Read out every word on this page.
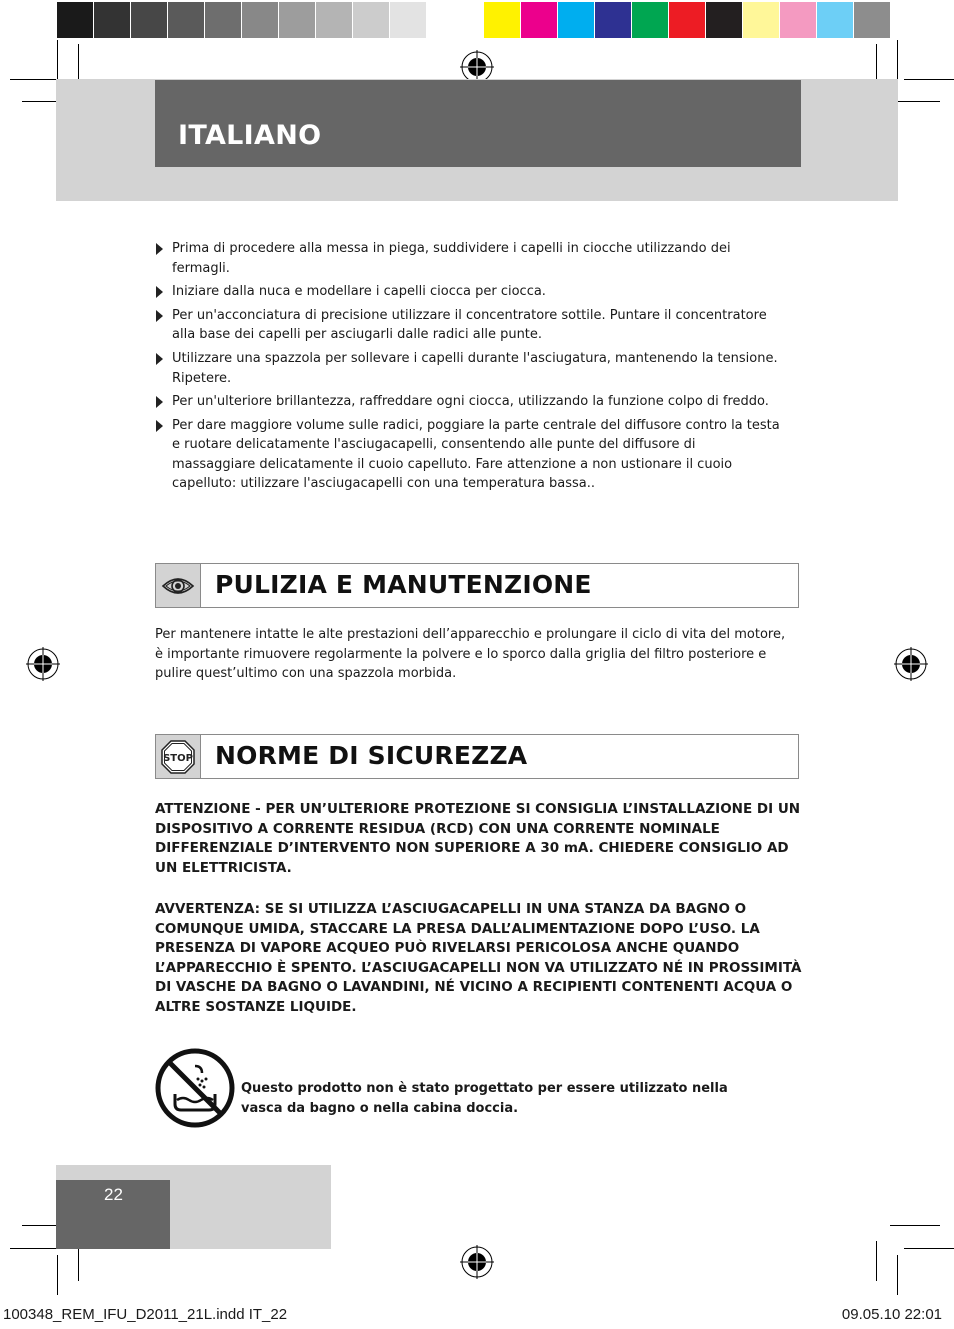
ITALIANO
Prima di procedere alla messa in piega, suddividere i capelli in ciocche utilizzando dei fermagli.
Iniziare dalla nuca e modellare i capelli ciocca per ciocca.
Per un'acconciatura di precisione utilizzare il concentratore sottile. Puntare il concentratore alla base dei capelli per asciugarli dalle radici alle punte.
Utilizzare una spazzola per sollevare i capelli durante l'asciugatura, mantenendo la tensione. Ripetere.
Per un'ulteriore brillantezza, raffreddare ogni ciocca, utilizzando la funzione colpo di freddo.
Per dare maggiore volume sulle radici, poggiare la parte centrale del diffusore contro la testa e ruotare delicatamente l'asciugacapelli, consentendo alle punte del diffusore di massaggiare delicatamente il cuoio capelluto. Fare attenzione a non ustionare il cuoio capelluto: utilizzare l'asciugacapelli con una temperatura bassa..
PULIZIA E MANUTENZIONE
Per mantenere intatte le alte prestazioni dell’apparecchio e prolungare il ciclo di vita del motore, è importante rimuovere regolarmente la polvere e lo sporco dalla griglia del filtro posteriore e pulire quest’ultimo con una spazzola morbida.
STOP NORME DI SICUREZZA
ATTENZIONE - PER UN’ULTERIORE PROTEZIONE SI CONSIGLIA L’INSTALLAZIONE DI UN DISPOSITIVO A CORRENTE RESIDUA (RCD) CON UNA CORRENTE NOMINALE DIFFERENZIALE D’INTERVENTO NON SUPERIORE A 30 mA. CHIEDERE CONSIGLIO AD UN ELETTRICISTA.
AVVERTENZA: SE SI UTILIZZA L’ASCIUGACAPELLI IN UNA STANZA DA BAGNO O COMUNQUE UMIDA, STACCARE LA PRESA DALL’ALIMENTAZIONE DOPO L’USO. LA PRESENZA DI VAPORE ACQUEO PUÒ RIVELARSI PERICOLOSA ANCHE QUANDO L’APPARECCHIO È SPENTO. L’ASCIUGACAPELLI NON VA UTILIZZATO NÉ IN PROSSIMITÀ DI VASCHE DA BAGNO O LAVANDINI, NÉ VICINO A RECIPIENTI CONTENENTI ACQUA O ALTRE SOSTANZE LIQUIDE.
Questo prodotto non è stato progettato per essere utilizzato nella vasca da bagno o nella cabina doccia.
22
100348_REM_IFU_D2011_21L.indd IT_22	09.05.10 22:01
